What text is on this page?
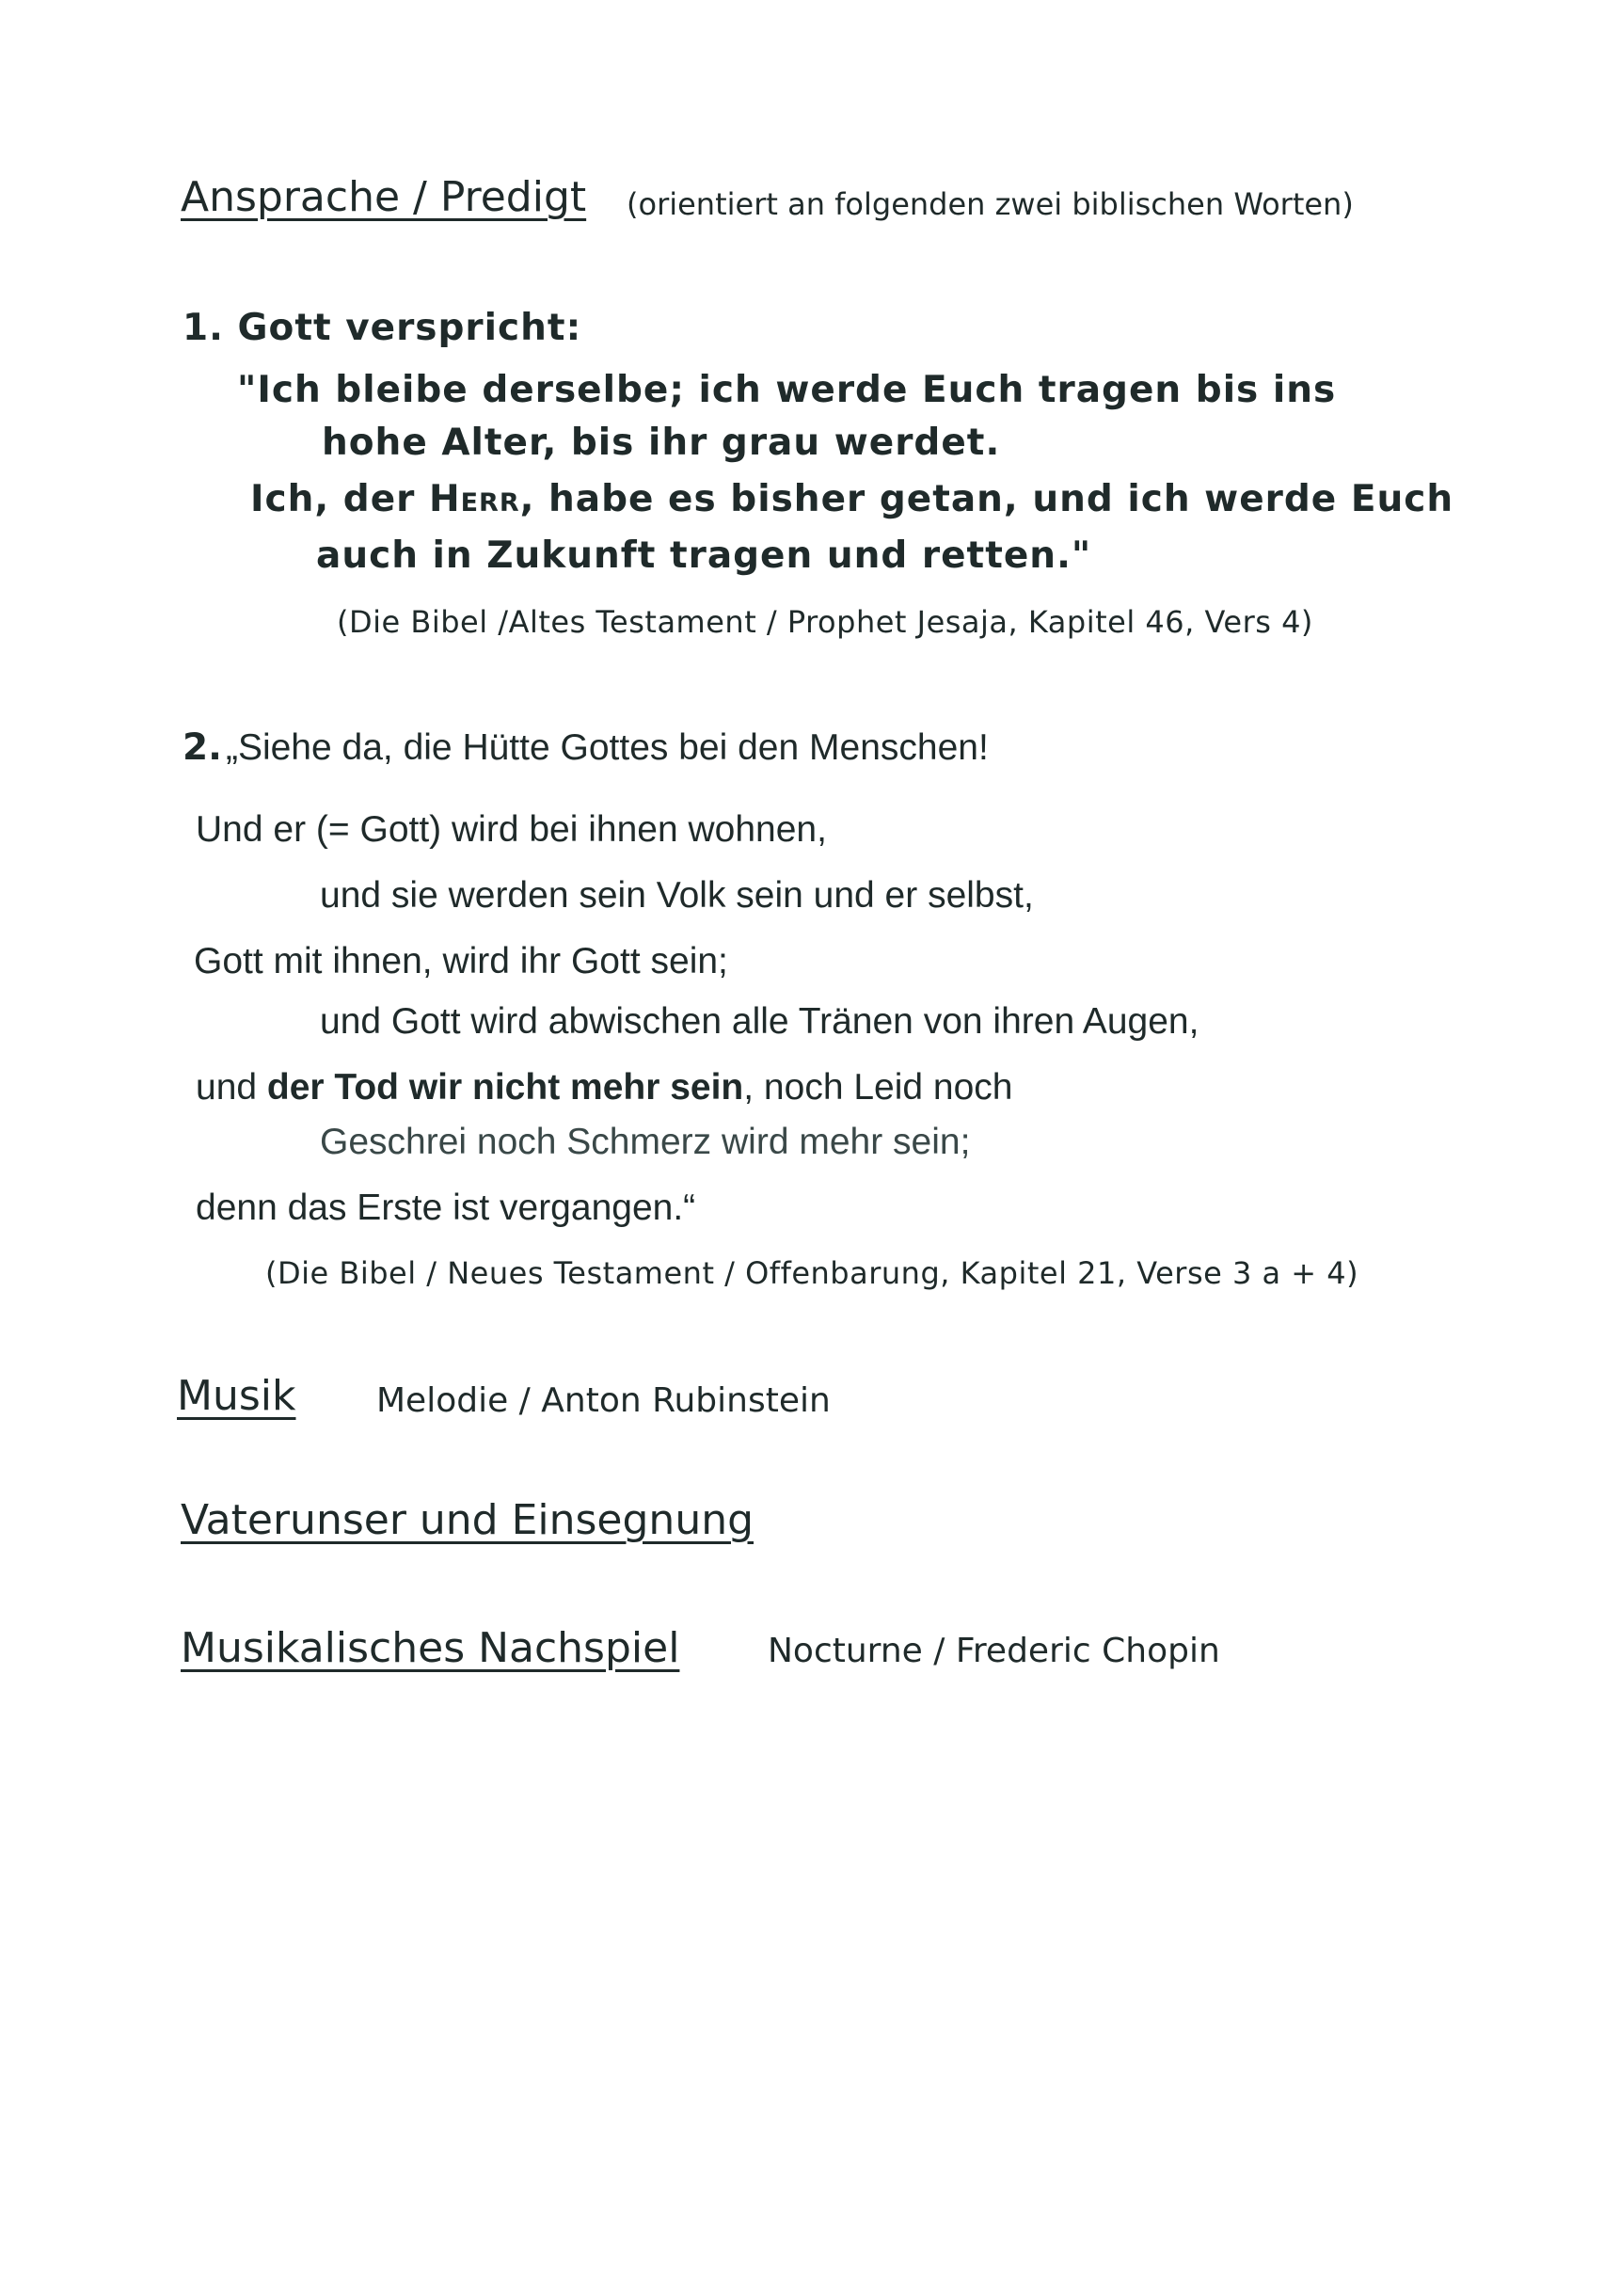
Ansprache / Predigt (orientiert an folgenden zwei biblischen Worten)
1. Gott verspricht:
"Ich bleibe derselbe; ich werde Euch tragen bis ins
hohe Alter, bis ihr grau werdet.
Ich, der Herr, habe es bisher getan, und ich werde Euch
auch in Zukunft tragen und retten."
(Die Bibel /Altes Testament / Prophet Jesaja, Kapitel 46, Vers 4)
2. „Siehe da, die Hütte Gottes bei den Menschen!
Und er (= Gott) wird bei ihnen wohnen,
und sie werden sein Volk sein und er selbst,
Gott mit ihnen, wird ihr Gott sein;
und Gott wird abwischen alle Tränen von ihren Augen,
und der Tod wir nicht mehr sein, noch Leid noch
Geschrei noch Schmerz wird mehr sein;
denn das Erste ist vergangen.“
(Die Bibel / Neues Testament / Offenbarung, Kapitel 21, Verse 3 a + 4)
Musik Melodie / Anton Rubinstein
Vaterunser und Einsegnung
Musikalisches Nachspiel	Nocturne / Frederic Chopin
